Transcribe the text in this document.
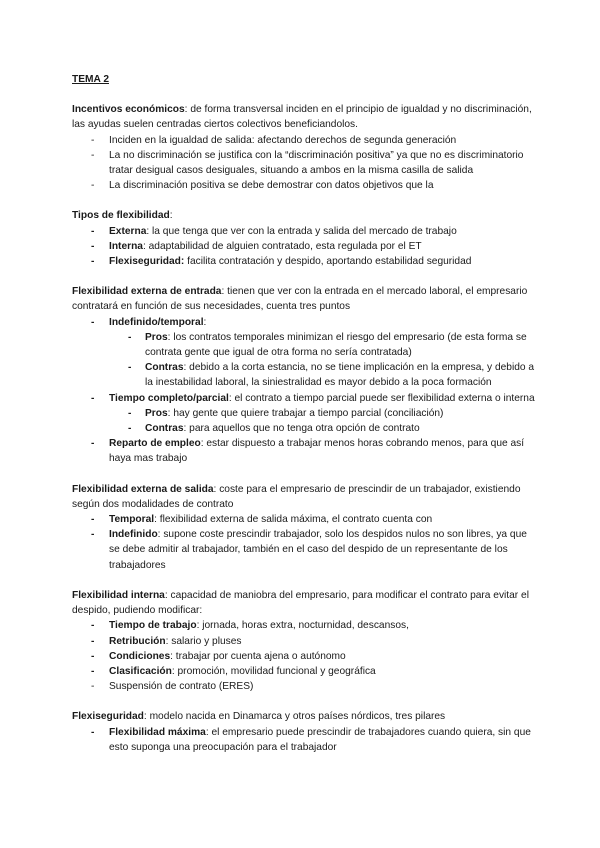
TEMA 2

Incentivos económicos: de forma transversal inciden en el principio de igualdad y no discriminación, las ayudas suelen centradas ciertos colectivos beneficiandolos.

- Inciden en la igualdad de salida: afectando derechos de segunda generación
- La no discriminación se justifica con la “discriminación positiva” ya que no es discriminatorio tratar desigual casos desiguales, situando a ambos en la misma casilla de salida
- La discriminación positiva se debe demostrar con datos objetivos que la

Tipos de flexibilidad:

- Externa: la que tenga que ver con la entrada y salida del mercado de trabajo
- Interna: adaptabilidad de alguien contratado, esta regulada por el ET
- Flexiseguridad: facilita contratación y despido, aportando estabilidad seguridad

Flexibilidad externa de entrada: tienen que ver con la entrada en el mercado laboral, el empresario contratará en función de sus necesidades, cuenta tres puntos

- Indefinido/temporal:
- Pros: los contratos temporales minimizan el riesgo del empresario (de esta forma se contrata gente que igual de otra forma no sería contratada)
- Contras: debido a la corta estancia, no se tiene implicación en la empresa, y debido a la inestabilidad laboral, la siniestralidad es mayor debido a la poca formación
- Tiempo completo/parcial: el contrato a tiempo parcial puede ser flexibilidad externa o interna
- Pros: hay gente que quiere trabajar a tiempo parcial (conciliación)
- Contras: para aquellos que no tenga otra opción de contrato
- Reparto de empleo: estar dispuesto a trabajar menos horas cobrando menos, para que así haya mas trabajo

Flexibilidad externa de salida: coste para el empresario de prescindir de un trabajador, existiendo según dos modalidades de contrato

- Temporal: flexibilidad externa de salida máxima, el contrato cuenta con
- Indefinido: supone coste prescindir trabajador, solo los despidos nulos no son libres, ya que se debe admitir al trabajador, también en el caso del despido de un representante de los trabajadores

Flexibilidad interna: capacidad de maniobra del empresario, para modificar el contrato para evitar el despido, pudiendo modificar:

- Tiempo de trabajo: jornada, horas extra, nocturnidad, descansos,
- Retribución: salario y pluses
- Condiciones: trabajar por cuenta ajena o autónomo
- Clasificación: promoción, movilidad funcional y geográfica
- Suspensión de contrato (ERES)

Flexiseguridad: modelo nacida en Dinamarca y otros países nórdicos, tres pilares

- Flexibilidad máxima: el empresario puede prescindir de trabajadores cuando quiera, sin que esto suponga una preocupación para el trabajador
